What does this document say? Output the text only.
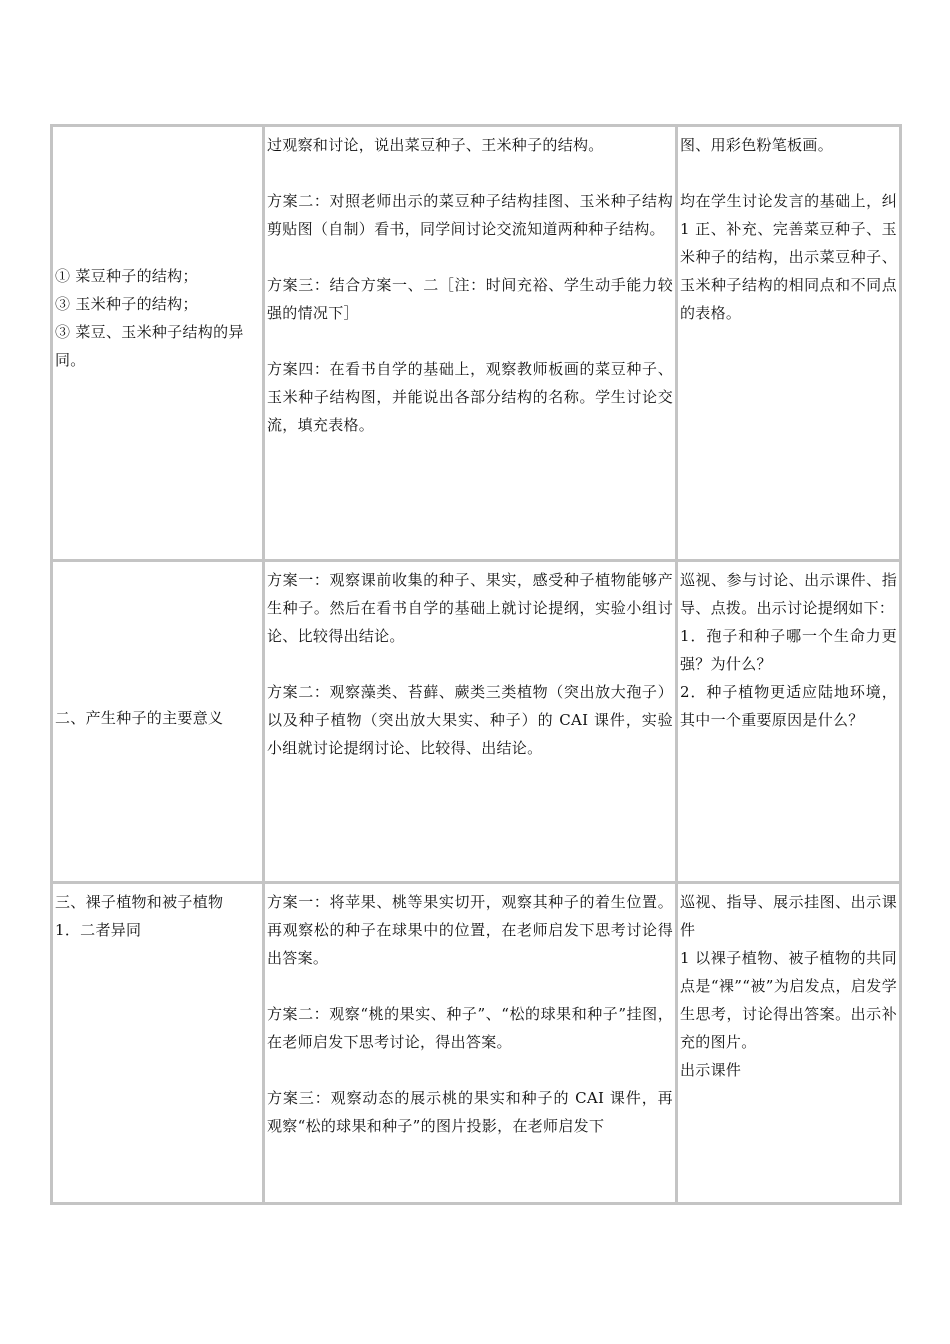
① 菜豆种子的结构；
③ 玉米种子的结构；
③ 菜豆、玉米种子结构的异同。
过观察和讨论，说出菜豆种子、王米种子的结构。
方案二：对照老师出示的菜豆种子结构挂图、玉米种子结构剪贴图（自制）看书，同学间讨论交流知道两种种子结构。
方案三：结合方案一、二［注：时间充裕、学生动手能力较强的情况下］
方案四：在看书自学的基础上，观察教师板画的菜豆种子、玉米种子结构图，并能说出各部分结构的名称。学生讨论交流，填充表格。
图、用彩色粉笔板画。
均在学生讨论发言的基础上，纠 1 正、补充、完善菜豆种子、玉米种子的结构，出示菜豆种子、玉米种子结构的相同点和不同点的表格。
二、产生种子的主要意义
方案一：观察课前收集的种子、果实，感受种子植物能够产生种子。然后在看书自学的基础上就讨论提纲，实验小组讨论、比较得出结论。
方案二：观察藻类、苔藓、蕨类三类植物（突出放大孢子）以及种子植物（突出放大果实、种子）的 CAI 课件，实验小组就讨论提纲讨论、比较得、出结论。
巡视、参与讨论、出示课件、指导、点拨。出示讨论提纲如下：
1．孢子和种子哪一个生命力更强？为什么？
2．种子植物更适应陆地环境，其中一个重要原因是什么？
三、裸子植物和被子植物
1．二者异同
方案一：将苹果、桃等果实切开，观察其种子的着生位置。再观察松的种子在球果中的位置，在老师启发下思考讨论得出答案。
方案二：观察“桃的果实、种子”、“松的球果和种子”挂图，在老师启发下思考讨论，得出答案。
方案三：观察动态的展示桃的果实和种子的 CAI 课件，再观察“松的球果和种子”的图片投影，在老师启发下
巡视、指导、展示挂图、出示课件
1 以裸子植物、被子植物的共同点是“裸”“被”为启发点，启发学生思考，讨论得出答案。出示补充的图片。
出示课件
